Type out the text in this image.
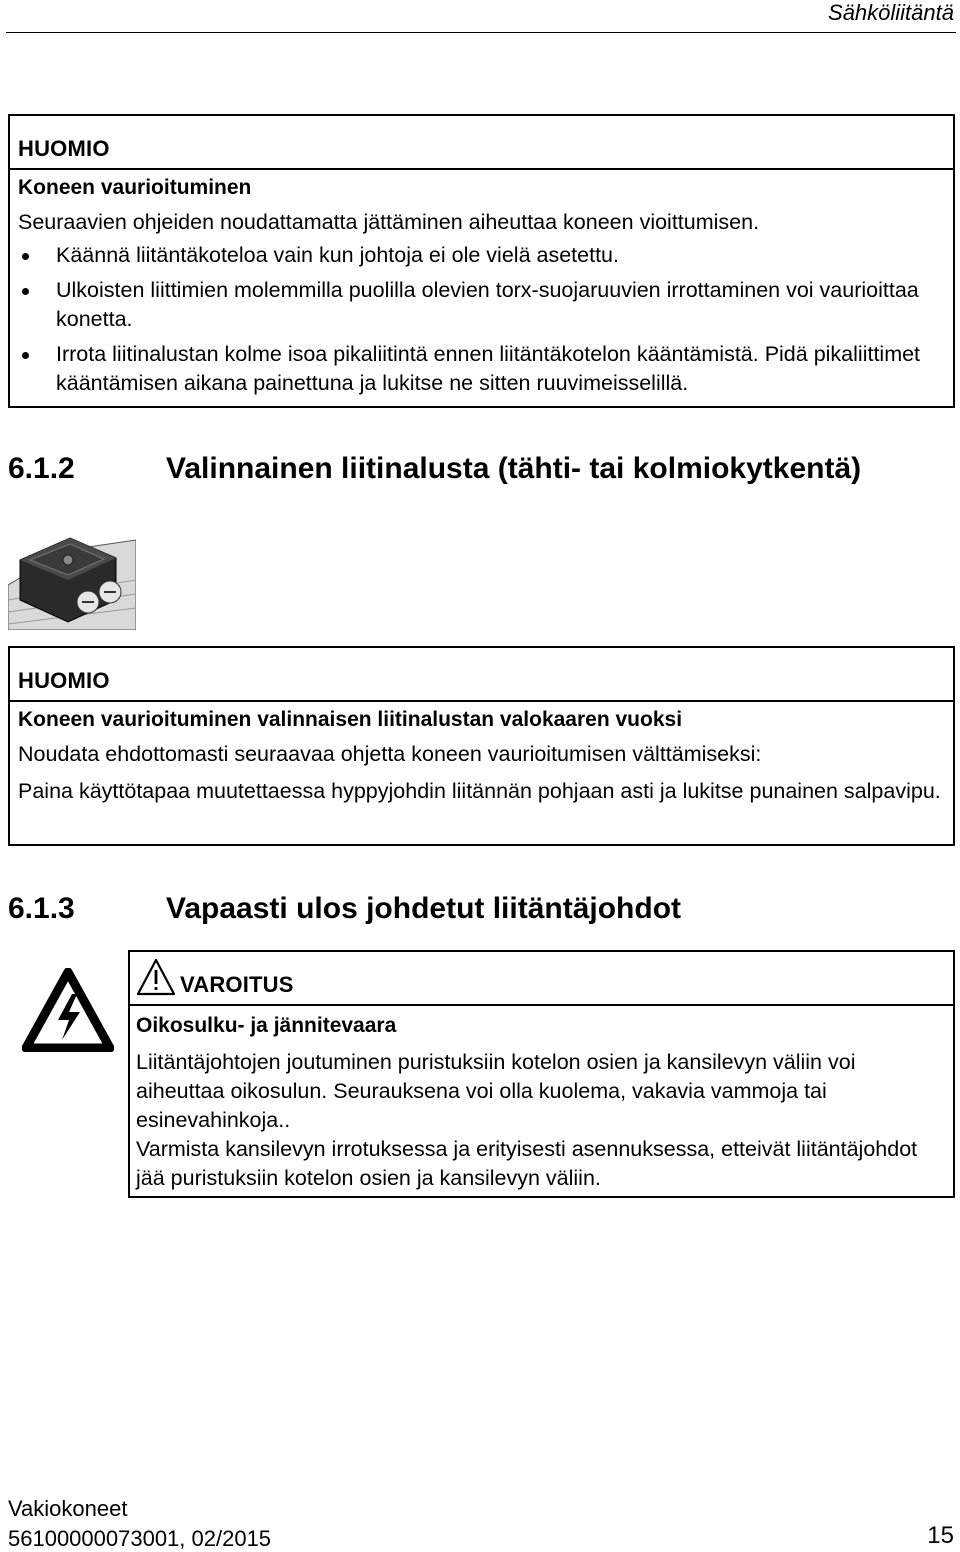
Sähköliitäntä
HUOMIO
Koneen vaurioituminen
Seuraavien ohjeiden noudattamatta jättäminen aiheuttaa koneen vioittumisen.
Käännä liitäntäkoteloa vain kun johtoja ei ole vielä asetettu.
Ulkoisten liittimien molemmilla puolilla olevien torx-suojaruuvien irrottaminen voi vaurioittaa konetta.
Irrota liitinalustan kolme isoa pikaliitintä ennen liitäntäkotelon kääntämistä. Pidä pikaliittimet kääntämisen aikana painettuna ja lukitse ne sitten ruuvimeisselillä.
6.1.2	Valinnainen liitinalusta (tähti- tai kolmiokytkentä)
HUOMIO
Koneen vaurioituminen valinnaisen liitinalustan valokaaren vuoksi
Noudata ehdottomasti seuraavaa ohjetta koneen vaurioitumisen välttämiseksi:
Paina käyttötapaa muutettaessa hyppyjohdin liitännän pohjaan asti ja lukitse punainen salpavipu.
6.1.3	Vapaasti ulos johdetut liitäntäjohdot
VAROITUS
Oikosulku- ja jännitevaara
Liitäntäjohtojen joutuminen puristuksiin kotelon osien ja kansilevyn väliin voi aiheuttaa oikosulun. Seurauksena voi olla kuolema, vakavia vammoja tai esinevahinkoja..
Varmista kansilevyn irrotuksessa ja erityisesti asennuksessa, etteivät liitäntäjohdot jää puristuksiin kotelon osien ja kansilevyn väliin.
Vakiokoneet
56100000073001, 02/2015	15
